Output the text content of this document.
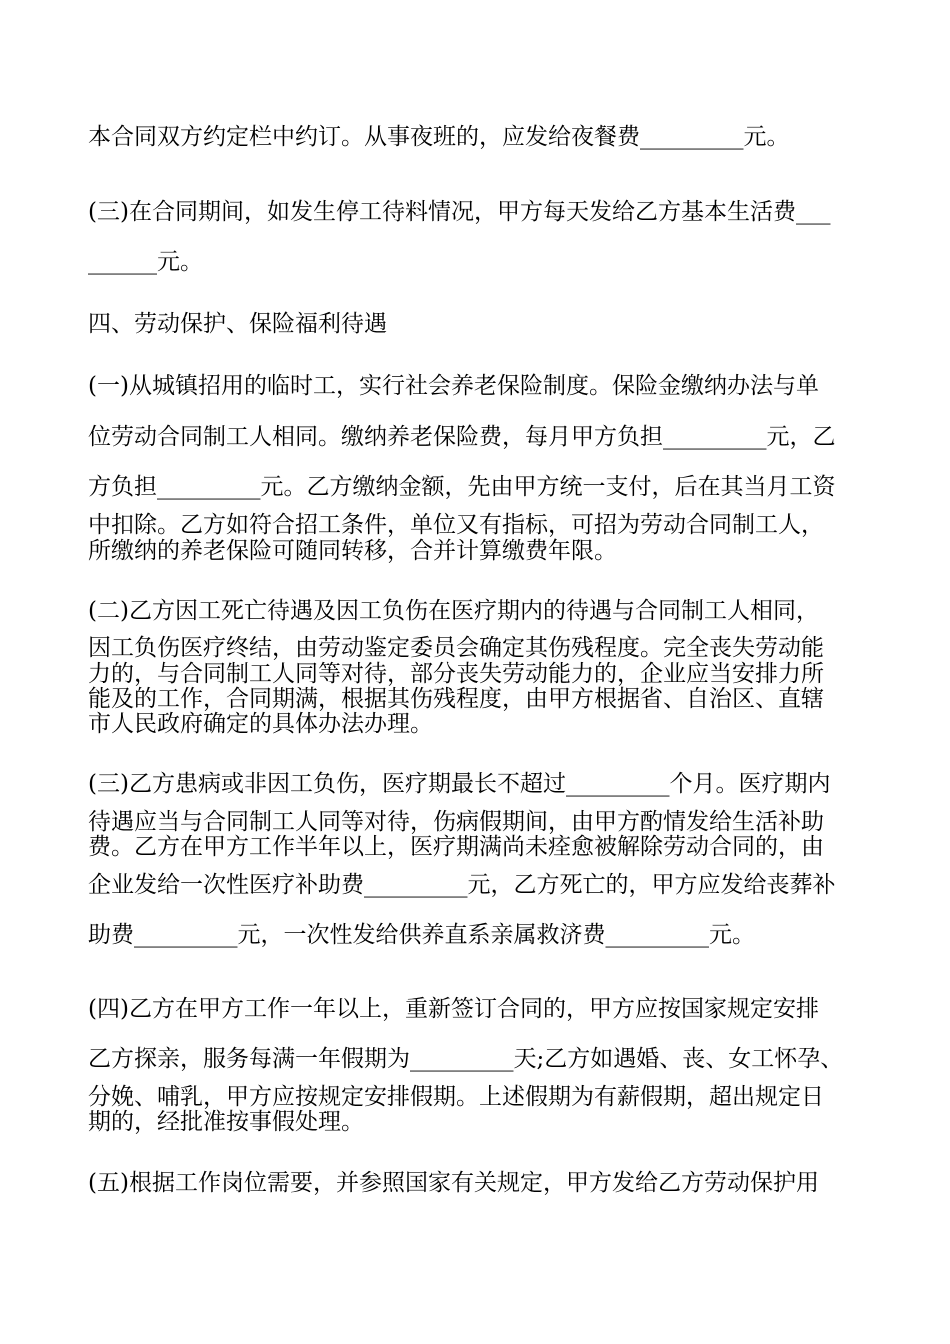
本合同双方约定栏中约订。从事夜班的，应发给夜餐费_________元。
(三)在合同期间，如发生停工待料情况，甲方每天发给乙方基本生活费___
______元。
四、劳动保护、保险福利待遇
(一)从城镇招用的临时工，实行社会养老保险制度。保险金缴纳办法与单
位劳动合同制工人相同。缴纳养老保险费，每月甲方负担_________元，乙
方负担_________元。乙方缴纳金额，先由甲方统一支付，后在其当月工资
中扣除。乙方如符合招工条件，单位又有指标，可招为劳动合同制工人，
所缴纳的养老保险可随同转移，合并计算缴费年限。
(二)乙方因工死亡待遇及因工负伤在医疗期内的待遇与合同制工人相同，
因工负伤医疗终结，由劳动鉴定委员会确定其伤残程度。完全丧失劳动能
力的，与合同制工人同等对待，部分丧失劳动能力的，企业应当安排力所
能及的工作，合同期满，根据其伤残程度，由甲方根据省、自治区、直辖
市人民政府确定的具体办法办理。
(三)乙方患病或非因工负伤，医疗期最长不超过_________个月。医疗期内
待遇应当与合同制工人同等对待，伤病假期间，由甲方酌情发给生活补助
费。乙方在甲方工作半年以上，医疗期满尚未痊愈被解除劳动合同的，由
企业发给一次性医疗补助费_________元，乙方死亡的，甲方应发给丧葬补
助费_________元，一次性发给供养直系亲属救济费_________元。
(四)乙方在甲方工作一年以上，重新签订合同的，甲方应按国家规定安排
乙方探亲，服务每满一年假期为_________天;乙方如遇婚、丧、女工怀孕、
分娩、哺乳，甲方应按规定安排假期。上述假期为有薪假期，超出规定日
期的，经批准按事假处理。
(五)根据工作岗位需要，并参照国家有关规定，甲方发给乙方劳动保护用
